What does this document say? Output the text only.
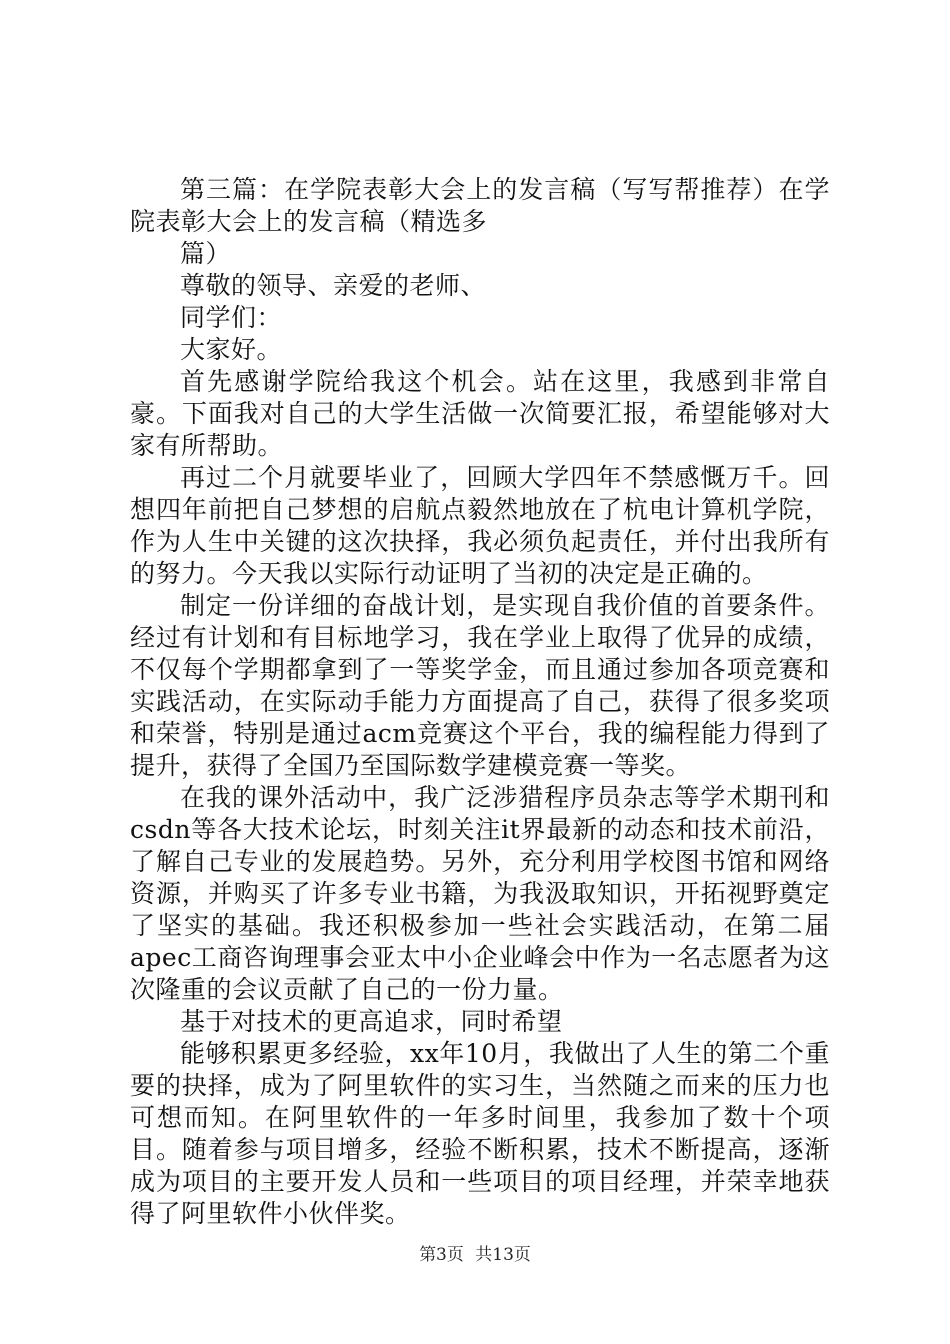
第三篇：在学院表彰大会上的发言稿（写写帮推荐）在学院表彰大会上的发言稿（精选多

篇）

尊敬的领导、亲爱的老师、

同学们：

大家好。

首先感谢学院给我这个机会。站在这里，我感到非常自豪。下面我对自己的大学生活做一次简要汇报，希望能够对大家有所帮助。

再过二个月就要毕业了，回顾大学四年不禁感慨万千。回想四年前把自己梦想的启航点毅然地放在了杭电计算机学院，作为人生中关键的这次抉择，我必须负起责任，并付出我所有的努力。今天我以实际行动证明了当初的决定是正确的。

制定一份详细的奋战计划，是实现自我价值的首要条件。经过有计划和有目标地学习，我在学业上取得了优异的成绩，不仅每个学期都拿到了一等奖学金，而且通过参加各项竞赛和实践活动，在实际动手能力方面提高了自己，获得了很多奖项和荣誉，特别是通过acm竞赛这个平台，我的编程能力得到了提升，获得了全国乃至国际数学建模竞赛一等奖。

在我的课外活动中，我广泛涉猎程序员杂志等学术期刊和csdn等各大技术论坛，时刻关注it界最新的动态和技术前沿，了解自己专业的发展趋势。另外，充分利用学校图书馆和网络资源，并购买了许多专业书籍，为我汲取知识，开拓视野奠定了坚实的基础。我还积极参加一些社会实践活动，在第二届apec工商咨询理事会亚太中小企业峰会中作为一名志愿者为这次隆重的会议贡献了自己的一份力量。

基于对技术的更高追求，同时希望

能够积累更多经验，xx年10月，我做出了人生的第二个重要的抉择，成为了阿里软件的实习生，当然随之而来的压力也可想而知。在阿里软件的一年多时间里，我参加了数十个项目。随着参与项目增多，经验不断积累，技术不断提高，逐渐成为项目的主要开发人员和一些项目的项目经理，并荣幸地获得了阿里软件小伙伴奖。

第3页 共13页
